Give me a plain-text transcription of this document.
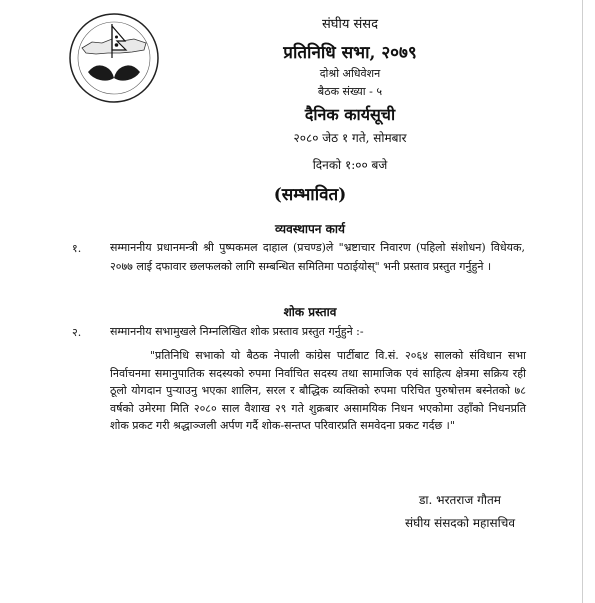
संघीय संसद
प्रतिनिधि सभा, २०७९
दोश्रो अधिवेशन
बैठक संख्या - ५
दैनिक कार्यसूची
२०८० जेठ १ गते, सोमबार
दिनको १:०० बजे
(सम्भावित)
व्यवस्थापन कार्य
१.	सम्माननीय प्रधानमन्त्री श्री पुष्पकमल दाहाल (प्रचण्ड)ले "भ्रष्टाचार निवारण (पहिलो संशोधन) विधेयक, २०७७ लाई दफावार छलफलको लागि सम्बन्धित समितिमा पठाईयोस्" भनी प्रस्ताव प्रस्तुत गर्नुहुने ।
शोक प्रस्ताव
२.	सम्माननीय सभामुखले निम्नलिखित शोक प्रस्ताव प्रस्तुत गर्नुहुने :-
"प्रतिनिधि सभाको यो बैठक नेपाली कांग्रेस पार्टीबाट वि.सं. २०६४ सालको संविधान सभा निर्वाचनमा समानुपातिक सदस्यको रुपमा निर्वाचित सदस्य तथा सामाजिक एवं साहित्य क्षेत्रमा सक्रिय रही ठूलो योगदान पुऱ्याउनु भएका शालिन, सरल र बौद्धिक व्यक्तिको रुपमा परिचित पुरुषोत्तम बस्नेतको ७८ वर्षको उमेरमा मिति २०८० साल वैशाख २९ गते शुक्रबार असामयिक निधन भएकोमा उहाँको निधनप्रति शोक प्रकट गरी श्रद्धाञ्जली अर्पण गर्दै शोक-सन्तप्त परिवारप्रति समवेदना प्रकट गर्दछ ।"
डा. भरतराज गौतम
संघीय संसदको महासचिव
